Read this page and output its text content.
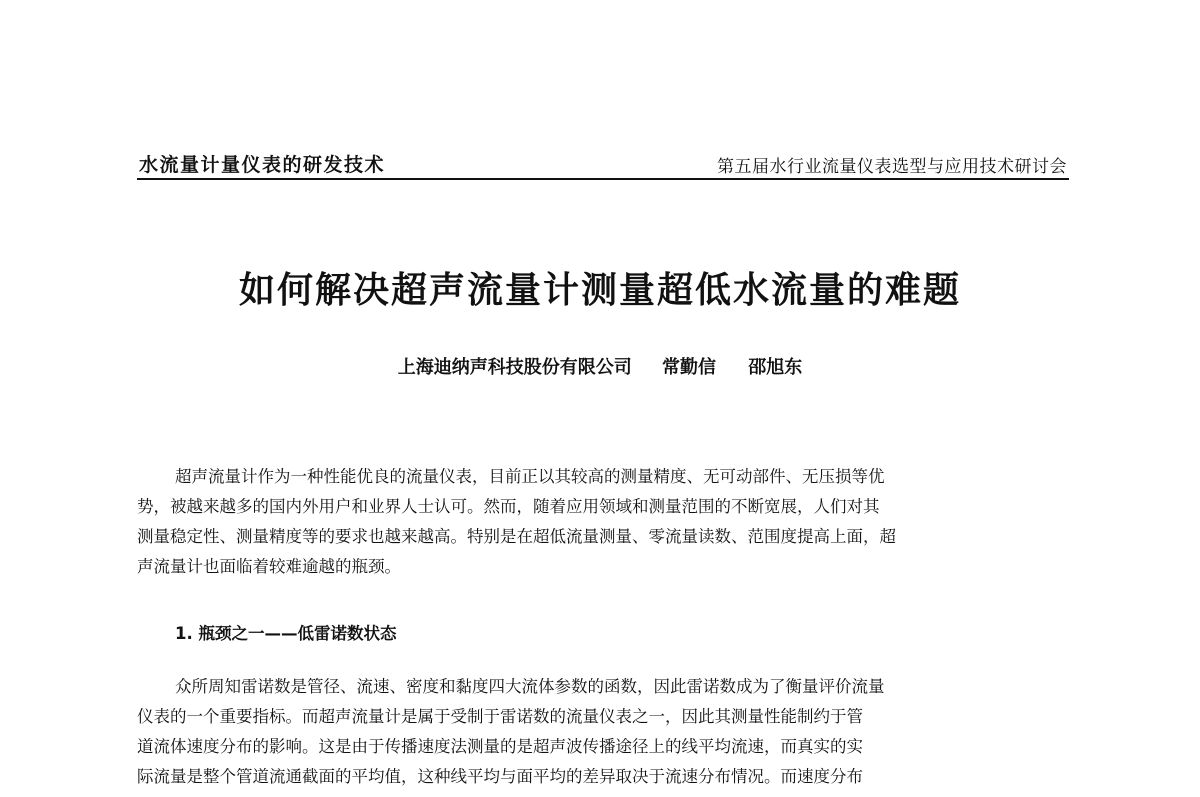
水流量计量仪表的研发技术	第五届水行业流量仪表选型与应用技术研讨会
如何解决超声流量计测量超低水流量的难题
上海迪纳声科技股份有限公司 常勤信 邵旭东
超声流量计作为一种性能优良的流量仪表，目前正以其较高的测量精度、无可动部件、无压损等优
势，被越来越多的国内外用户和业界人士认可。然而，随着应用领域和测量范围的不断宽展，人们对其
测量稳定性、测量精度等的要求也越来越高。特别是在超低流量测量、零流量读数、范围度提高上面，超
声流量计也面临着较难逾越的瓶颈。
1. 瓶颈之一——低雷诺数状态
众所周知雷诺数是管径、流速、密度和黏度四大流体参数的函数，因此雷诺数成为了衡量评价流量
仪表的一个重要指标。而超声流量计是属于受制于雷诺数的流量仪表之一，因此其测量性能制约于管
道流体速度分布的影响。这是由于传播速度法测量的是超声波传播途径上的线平均流速，而真实的实
际流量是整个管道流通截面的平均值，这种线平均与面平均的差异取决于流速分布情况。而速度分布
